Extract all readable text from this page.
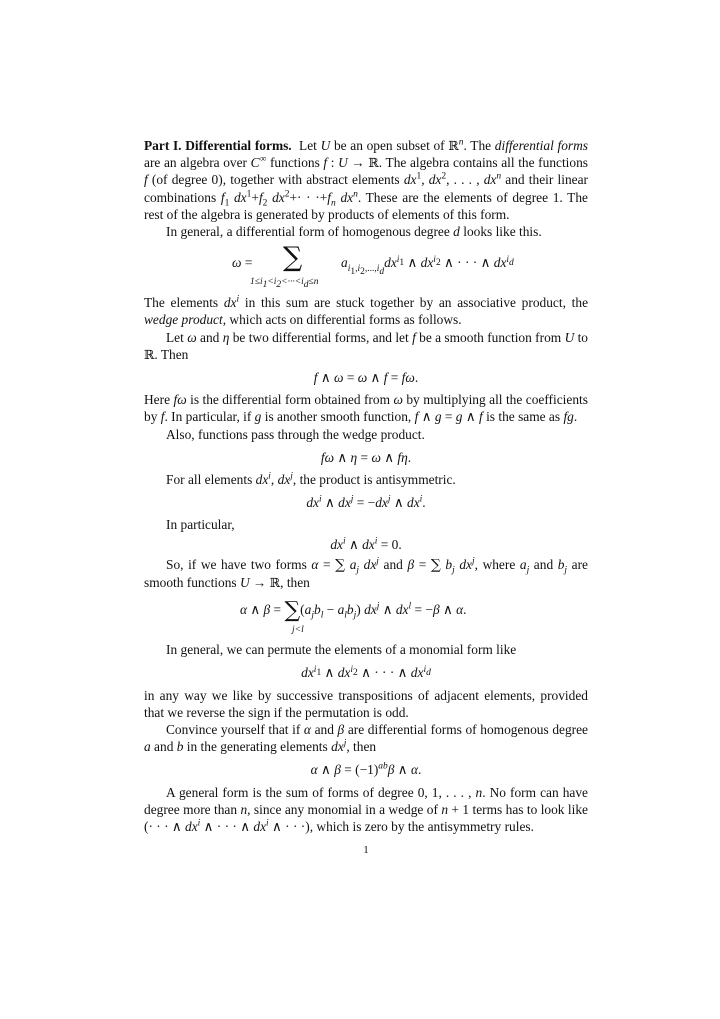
Part I. Differential forms.  Let U be an open subset of ℝ$^n$. The differential forms are an algebra over C∞ functions f : U → ℝ. The algebra contains all the functions f (of degree 0), together with abstract elements $dx^1$, $dx^2$, . . . , $dx^n$ and their linear combinations $f_1$ $dx^1+f_2$ $dx^2+\cdot \cdot \cdot+f_n$ $dx^n$. These are the elements of degree 1. The rest of the algebra is generated by products of elements of this form.

In general, a differential form of homogenous degree d looks like this.

ω = ∑
$1\le i_1<i_2<\cdot\cdot\cdot<i_d\le n$
$a_{i_1,i_2,...,i_d}dx^{i_1}$ ∧ $dx^{i_2}$ ∧ · · · ∧ $dx^{i_d}$

The elements $dx^i$ in this sum are stuck together by an associative product, the wedge product, which acts on differential forms as follows.

Let ω and η be two differential forms, and let f be a smooth function from U to ℝ. Then

f ∧ ω = ω ∧ f = fω.

Here fω is the differential form obtained from ω by multiplying all the coefficients by f. In particular, if g is another smooth function, f ∧ g = g ∧ f is the same as fg.

Also, functions pass through the wedge product.

fω ∧ η = ω ∧ fη.

For all elements $dx^i$, $dx^j$, the product is antisymmetric.

$dx^i$ ∧ $dx^j = -dx^j$ ∧ $dx^i$.

In particular,

$dx^i$ ∧ $dx^i = 0$.

So, if we have two forms α = ∑ $a_j$ $dx^j$ and β = ∑ $b_j$ $dx^j$, where $a_j$ and $b_j$ are smooth functions U → ℝ, then

α ∧ $\beta = \sum(a_jb_l - a_lb_j)$ $dx^j$ ∧ $dx^l = -\beta$ ∧ α.
j<l

In general, we can permute the elements of a monomial form like

$dx^{i_1}$ ∧ $dx^{i_2}$ ∧ · · · ∧ $dx^{i_d}$

in any way we like by successive transpositions of adjacent elements, provided that we reverse the sign if the permutation is odd.

Convince yourself that if α and β are differential forms of homogenous degree a and b in the generating elements $dx^j$, then

α ∧ $\beta = (-1)^{ab}\beta$ ∧ α.

A general form is the sum of forms of degree 0, 1, . . . , n. No form can have degree more than n, since any monomial in a wedge of n + 1 terms has to look like (· · · ∧ $dx^i$ ∧ · · · ∧ $dx^i$ ∧ · · ·), which is zero by the antisymmetry rules.

1
